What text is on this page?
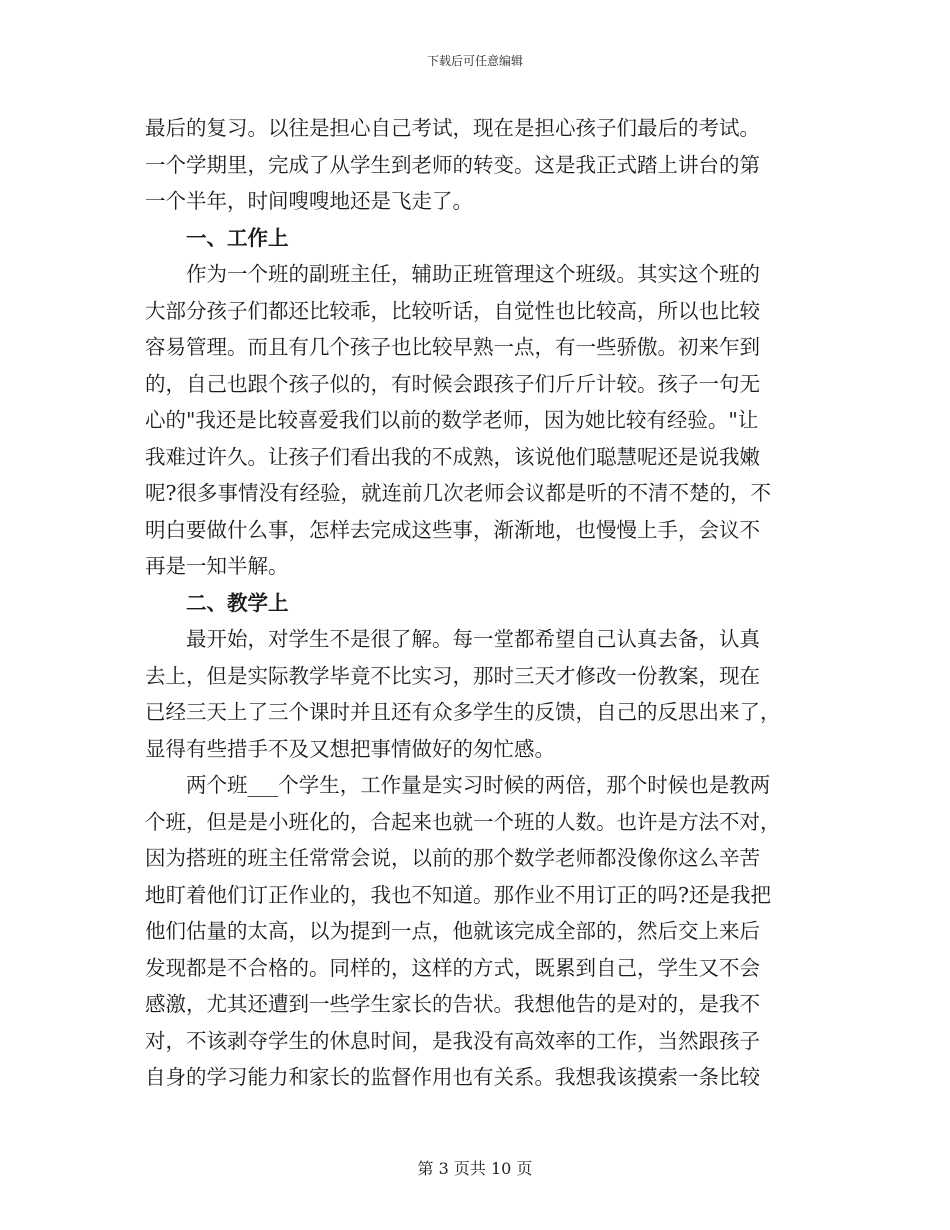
下载后可任意编辑
最后的复习。以往是担心自己考试，现在是担心孩子们最后的考试。
一个学期里，完成了从学生到老师的转变。这是我正式踏上讲台的第
一个半年，时间嗖嗖地还是飞走了。
一、工作上
作为一个班的副班主任，辅助正班管理这个班级。其实这个班的
大部分孩子们都还比较乖，比较听话，自觉性也比较高，所以也比较
容易管理。而且有几个孩子也比较早熟一点，有一些骄傲。初来乍到
的，自己也跟个孩子似的，有时候会跟孩子们斤斤计较。孩子一句无
心的"我还是比较喜爱我们以前的数学老师，因为她比较有经验。"让
我难过许久。让孩子们看出我的不成熟，该说他们聪慧呢还是说我嫩
呢?很多事情没有经验，就连前几次老师会议都是听的不清不楚的，不
明白要做什么事，怎样去完成这些事，渐渐地，也慢慢上手，会议不
再是一知半解。
二、教学上
最开始，对学生不是很了解。每一堂都希望自己认真去备，认真
去上，但是实际教学毕竟不比实习，那时三天才修改一份教案，现在
已经三天上了三个课时并且还有众多学生的反馈，自己的反思出来了，
显得有些措手不及又想把事情做好的匆忙感。
两个班___个学生，工作量是实习时候的两倍，那个时候也是教两
个班，但是是小班化的，合起来也就一个班的人数。也许是方法不对，
因为搭班的班主任常常会说，以前的那个数学老师都没像你这么辛苦
地盯着他们订正作业的，我也不知道。那作业不用订正的吗?还是我把
他们估量的太高，以为提到一点，他就该完成全部的，然后交上来后
发现都是不合格的。同样的，这样的方式，既累到自己，学生又不会
感激，尤其还遭到一些学生家长的告状。我想他告的是对的，是我不
对，不该剥夺学生的休息时间，是我没有高效率的工作，当然跟孩子
自身的学习能力和家长的监督作用也有关系。我想我该摸索一条比较
第 3 页共 10 页
